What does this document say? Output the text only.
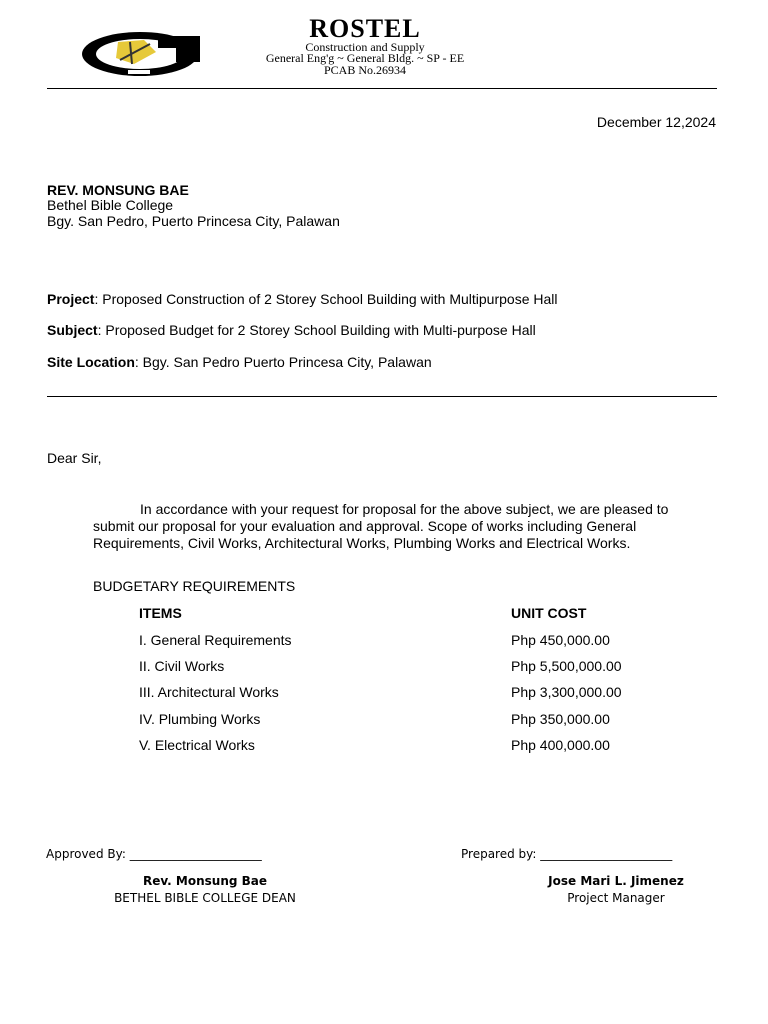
ROSTEL
Construction and Supply
General Eng'g ~ General Bldg. ~ SP - EE
PCAB No.26934
December 12,2024
REV. MONSUNG BAE
Bethel Bible College
Bgy. San Pedro, Puerto Princesa City, Palawan
Project: Proposed Construction of 2 Storey School Building with Multipurpose Hall
Subject: Proposed Budget for 2 Storey School Building with Multi-purpose Hall
Site Location: Bgy. San Pedro Puerto Princesa City, Palawan
Dear Sir,
In accordance with your request for proposal for the above subject, we are pleased to submit our proposal for your evaluation and approval. Scope of works including General Requirements, Civil Works, Architectural Works, Plumbing Works and Electrical Works.
BUDGETARY REQUIREMENTS
ITEMS	UNIT COST
I. General Requirements	Php 450,000.00
II. Civil Works	Php 5,500,000.00
III. Architectural Works	Php 3,300,000.00
IV. Plumbing Works	Php 350,000.00
V. Electrical Works	Php 400,000.00
Approved By: ______________________
Rev. Monsung Bae
BETHEL BIBLE COLLEGE DEAN
Prepared by: ______________________
Jose Mari L. Jimenez
Project Manager
